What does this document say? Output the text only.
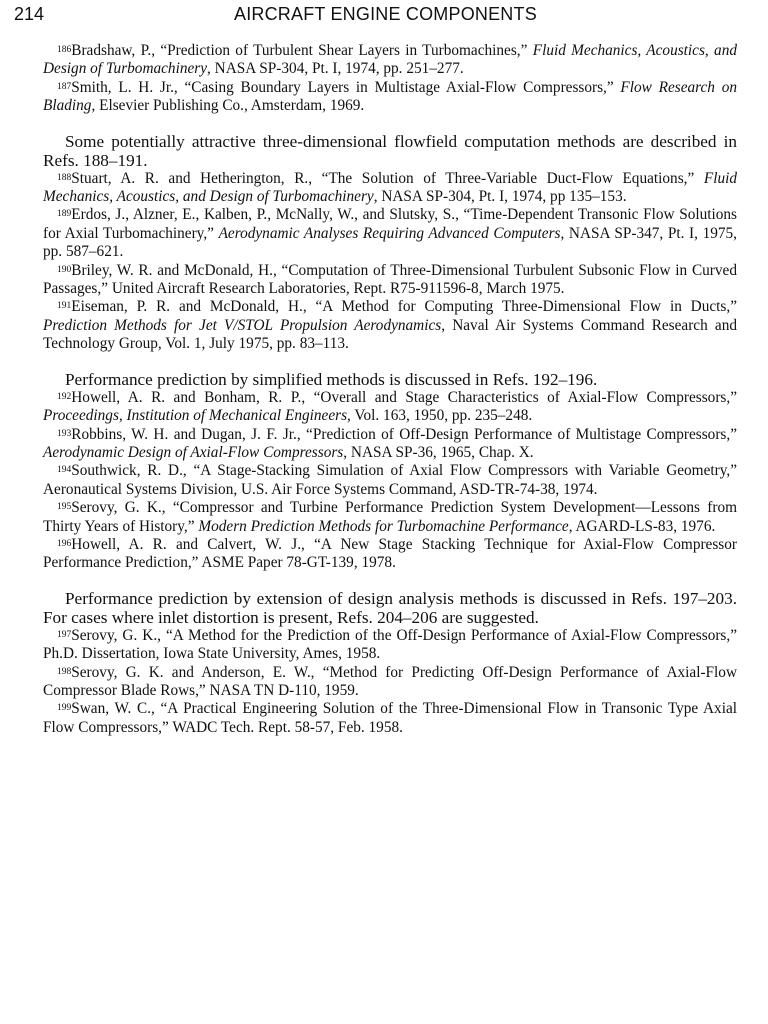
214	AIRCRAFT ENGINE COMPONENTS

$^{186}$Bradshaw, P., “Prediction of Turbulent Shear Layers in Turbomachines,” Fluid Mechanics, Acoustics, and Design of Turbomachinery, NASA SP-304, Pt. I, 1974, pp. 251–277.

$^{187}$Smith, L. H. Jr., “Casing Boundary Layers in Multistage Axial-Flow Compressors,” Flow Research on Blading, Elsevier Publishing Co., Amsterdam, 1969.

Some potentially attractive three-dimensional flowfield computation methods are described in Refs. 188–191.

$^{188}$Stuart, A. R. and Hetherington, R., “The Solution of Three-Variable Duct-Flow Equations,” Fluid Mechanics, Acoustics, and Design of Turbomachinery, NASA SP-304, Pt. I, 1974, pp 135–153.

$^{189}$Erdos, J., Alzner, E., Kalben, P., McNally, W., and Slutsky, S., “Time-Dependent Transonic Flow Solutions for Axial Turbomachinery,” Aerodynamic Analyses Requiring Advanced Computers, NASA SP-347, Pt. I, 1975, pp. 587–621.

$^{190}$Briley, W. R. and McDonald, H., “Computation of Three-Dimensional Turbulent Subsonic Flow in Curved Passages,” United Aircraft Research Laboratories, Rept. R75-911596-8, March 1975.

$^{191}$Eiseman, P. R. and McDonald, H., “A Method for Computing Three-Dimensional Flow in Ducts,” Prediction Methods for Jet V/STOL Propulsion Aerodynamics, Naval Air Systems Command Research and Technology Group, Vol. 1, July 1975, pp. 83–113.

Performance prediction by simplified methods is discussed in Refs. 192–196.

$^{192}$Howell, A. R. and Bonham, R. P., “Overall and Stage Characteristics of Axial-Flow Compressors,” Proceedings, Institution of Mechanical Engineers, Vol. 163, 1950, pp. 235–248.

$^{193}$Robbins, W. H. and Dugan, J. F. Jr., “Prediction of Off-Design Performance of Multistage Compressors,” Aerodynamic Design of Axial-Flow Compressors, NASA SP-36, 1965, Chap. X.

$^{194}$Southwick, R. D., “A Stage-Stacking Simulation of Axial Flow Compressors with Variable Geometry,” Aeronautical Systems Division, U.S. Air Force Systems Command, ASD-TR-74-38, 1974.

$^{195}$Serovy, G. K., “Compressor and Turbine Performance Prediction System Development—Lessons from Thirty Years of History,” Modern Prediction Methods for Turbomachine Performance, AGARD-LS-83, 1976.

$^{196}$Howell, A. R. and Calvert, W. J., “A New Stage Stacking Technique for Axial-Flow Compressor Performance Prediction,” ASME Paper 78-GT-139, 1978.

Performance prediction by extension of design analysis methods is discussed in Refs. 197–203. For cases where inlet distortion is present, Refs. 204–206 are suggested.

$^{197}$Serovy, G. K., “A Method for the Prediction of the Off-Design Performance of Axial-Flow Compressors,” Ph.D. Dissertation, Iowa State University, Ames, 1958.

$^{198}$Serovy, G. K. and Anderson, E. W., “Method for Predicting Off-Design Performance of Axial-Flow Compressor Blade Rows,” NASA TN D-110, 1959.

$^{199}$Swan, W. C., “A Practical Engineering Solution of the Three-Dimensional Flow in Transonic Type Axial Flow Compressors,” WADC Tech. Rept. 58-57, Feb. 1958.
